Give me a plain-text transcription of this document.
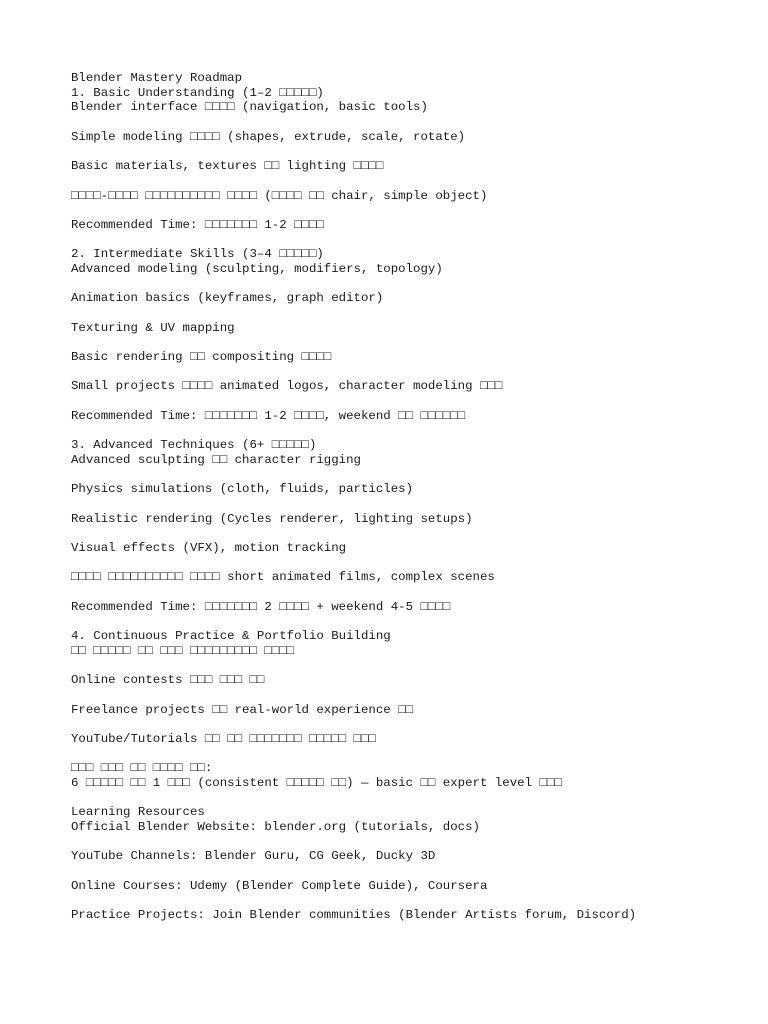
Blender Mastery Roadmap
1. Basic Understanding (1–2 □□□□□)
Blender interface □□□□ (navigation, basic tools)
Simple modeling □□□□ (shapes, extrude, scale, rotate)
Basic materials, textures □□ lighting □□□□
□□□□-□□□□ □□□□□□□□□□ □□□□ (□□□□ □□ chair, simple object)
Recommended Time: □□□□□□□ 1-2 □□□□
2. Intermediate Skills (3–4 □□□□□)
Advanced modeling (sculpting, modifiers, topology)
Animation basics (keyframes, graph editor)
Texturing & UV mapping
Basic rendering □□ compositing □□□□
Small projects □□□□ animated logos, character modeling □□□
Recommended Time: □□□□□□□ 1-2 □□□□, weekend □□ □□□□□□
3. Advanced Techniques (6+ □□□□□)
Advanced sculpting □□ character rigging
Physics simulations (cloth, fluids, particles)
Realistic rendering (Cycles renderer, lighting setups)
Visual effects (VFX), motion tracking
□□□□ □□□□□□□□□□ □□□□ short animated films, complex scenes
Recommended Time: □□□□□□□ 2 □□□□ + weekend 4-5 □□□□
4. Continuous Practice & Portfolio Building
□□ □□□□□ □□ □□□ □□□□□□□□□ □□□□
Online contests □□□ □□□ □□
Freelance projects □□ real-world experience □□
YouTube/Tutorials □□ □□ □□□□□□□ □□□□□ □□□
□□□ □□□ □□ □□□□ □□:
6 □□□□□ □□ 1 □□□ (consistent □□□□□ □□) — basic □□ expert level □□□
Learning Resources
Official Blender Website: blender.org (tutorials, docs)
YouTube Channels: Blender Guru, CG Geek, Ducky 3D
Online Courses: Udemy (Blender Complete Guide), Coursera
Practice Projects: Join Blender communities (Blender Artists forum, Discord)
